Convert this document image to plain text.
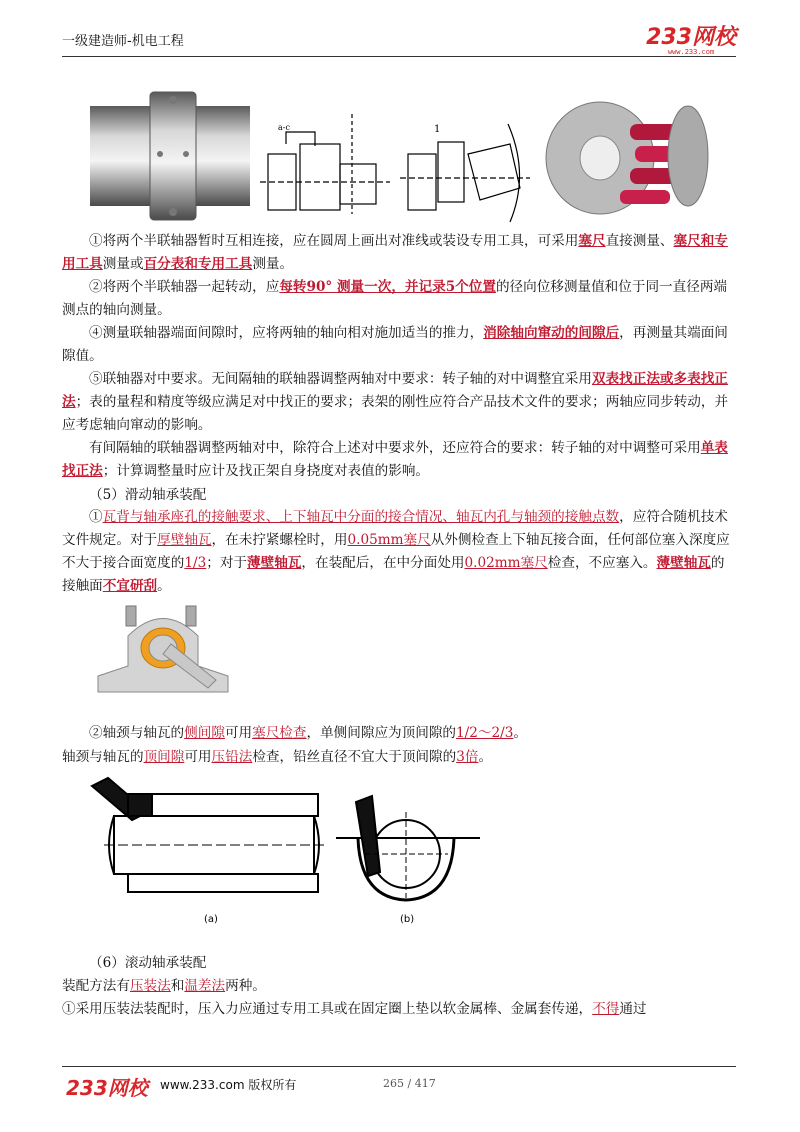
一级建造师-机电工程	233网校
www.233.com
a-c	1
①将两个半联轴器暂时互相连接，应在圆周上画出对准线或装设专用工具，可采用塞尺直接测量、塞尺和专用工具测量或百分表和专用工具测量。
②将两个半联轴器一起转动，应每转90° 测量一次，并记录5个位置的径向位移测量值和位于同一直径两端测点的轴向测量。
④测量联轴器端面间隙时，应将两轴的轴向相对施加适当的推力，消除轴向窜动的间隙后，再测量其端面间隙值。
⑤联轴器对中要求。无间隔轴的联轴器调整两轴对中要求：转子轴的对中调整宜采用双表找正法或多表找正法；表的量程和精度等级应满足对中找正的要求；表架的刚性应符合产品技术文件的要求；两轴应同步转动，并应考虑轴向窜动的影响。
有间隔轴的联轴器调整两轴对中，除符合上述对中要求外，还应符合的要求：转子轴的对中调整可采用单表找正法；计算调整量时应计及找正架自身挠度对表值的影响。
（5）滑动轴承装配
①瓦背与轴承座孔的接触要求、上下轴瓦中分面的接合情况、轴瓦内孔与轴颈的接触点数，应符合随机技术文件规定。对于厚壁轴瓦，在未拧紧螺栓时，用0.05mm塞尺从外侧检查上下轴瓦接合面，任何部位塞入深度应不大于接合面宽度的1/3；对于薄壁轴瓦，在装配后，在中分面处用0.02mm塞尺检查，不应塞入。薄壁轴瓦的接触面不宜研刮。
②轴颈与轴瓦的侧间隙可用塞尺检查，单侧间隙应为顶间隙的1/2～2/3。
轴颈与轴瓦的顶间隙可用压铅法检查，铅丝直径不宜大于顶间隙的3倍。
(a)	(b)
（6）滚动轴承装配
装配方法有压装法和温差法两种。
①采用压装法装配时，压入力应通过专用工具或在固定圈上垫以软金属棒、金属套传递，不得通过
233网校 www.233.com 版权所有	265 / 417
